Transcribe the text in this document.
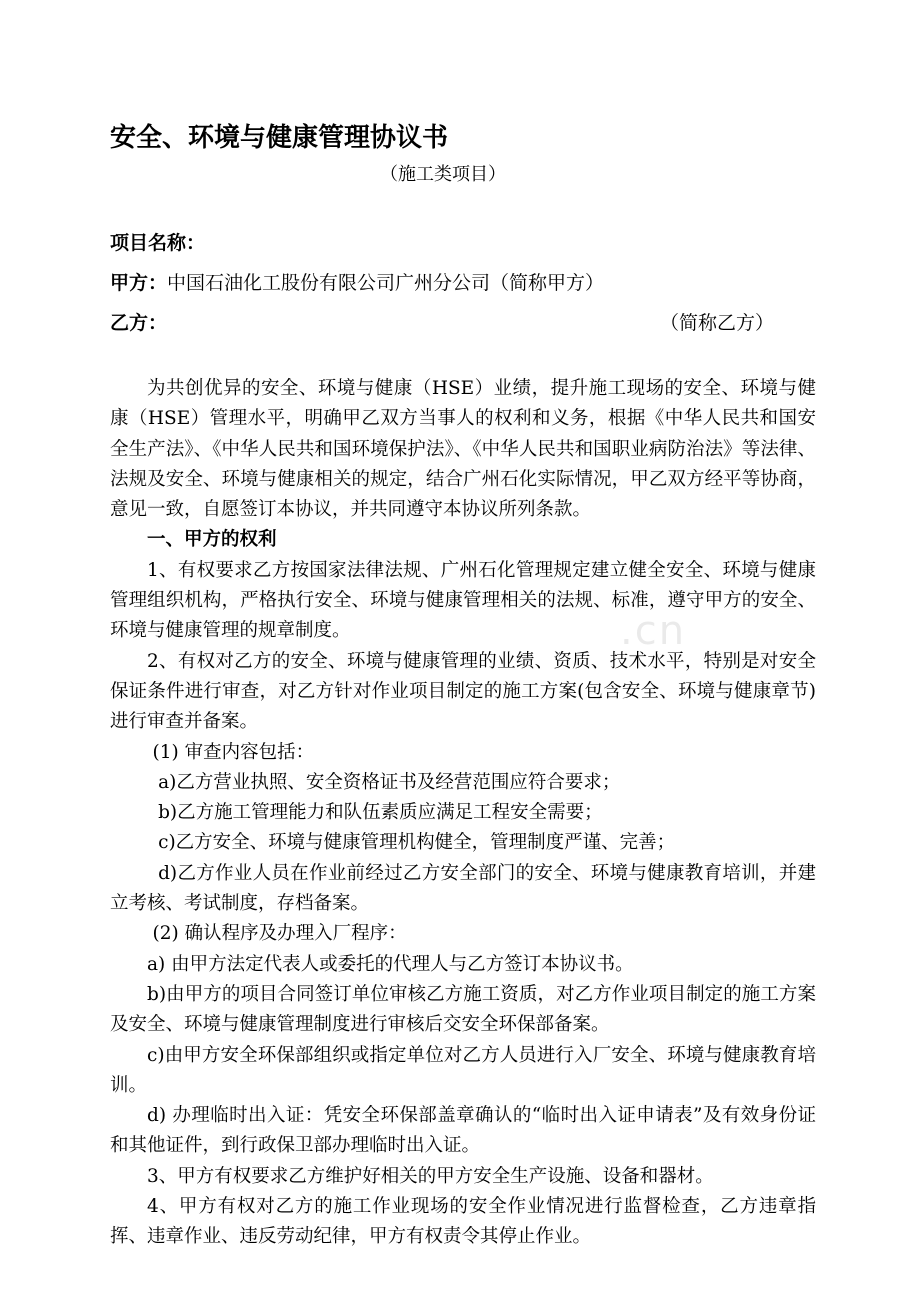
.cn
安全、环境与健康管理协议书
（施工类项目）
项目名称：
甲方：中国石油化工股份有限公司广州分公司（简称甲方）
乙方：	（简称乙方）

为共创优异的安全、环境与健康（HSE）业绩，提升施工现场的安全、环境与健康（HSE）管理水平，明确甲乙双方当事人的权利和义务，根据《中华人民共和国安全生产法》、《中华人民共和国环境保护法》、《中华人民共和国职业病防治法》等法律、法规及安全、环境与健康相关的规定，结合广州石化实际情况，甲乙双方经平等协商，意见一致，自愿签订本协议，并共同遵守本协议所列条款。

一、甲方的权利

1、有权要求乙方按国家法律法规、广州石化管理规定建立健全安全、环境与健康管理组织机构，严格执行安全、环境与健康管理相关的法规、标准，遵守甲方的安全、环境与健康管理的规章制度。

2、有权对乙方的安全、环境与健康管理的业绩、资质、技术水平，特别是对安全保证条件进行审查，对乙方针对作业项目制定的施工方案(包含安全、环境与健康章节)进行审查并备案。

(1) 审查内容包括：

a)乙方营业执照、安全资格证书及经营范围应符合要求；

b)乙方施工管理能力和队伍素质应满足工程安全需要；

c)乙方安全、环境与健康管理机构健全，管理制度严谨、完善；

d)乙方作业人员在作业前经过乙方安全部门的安全、环境与健康教育培训，并建立考核、考试制度，存档备案。

(2) 确认程序及办理入厂程序：

a) 由甲方法定代表人或委托的代理人与乙方签订本协议书。

b)由甲方的项目合同签订单位审核乙方施工资质，对乙方作业项目制定的施工方案及安全、环境与健康管理制度进行审核后交安全环保部备案。

c)由甲方安全环保部组织或指定单位对乙方人员进行入厂安全、环境与健康教育培训。

d) 办理临时出入证：凭安全环保部盖章确认的“临时出入证申请表”及有效身份证和其他证件，到行政保卫部办理临时出入证。

3、甲方有权要求乙方维护好相关的甲方安全生产设施、设备和器材。

4、甲方有权对乙方的施工作业现场的安全作业情况进行监督检查，乙方违章指挥、违章作业、违反劳动纪律，甲方有权责令其停止作业。
